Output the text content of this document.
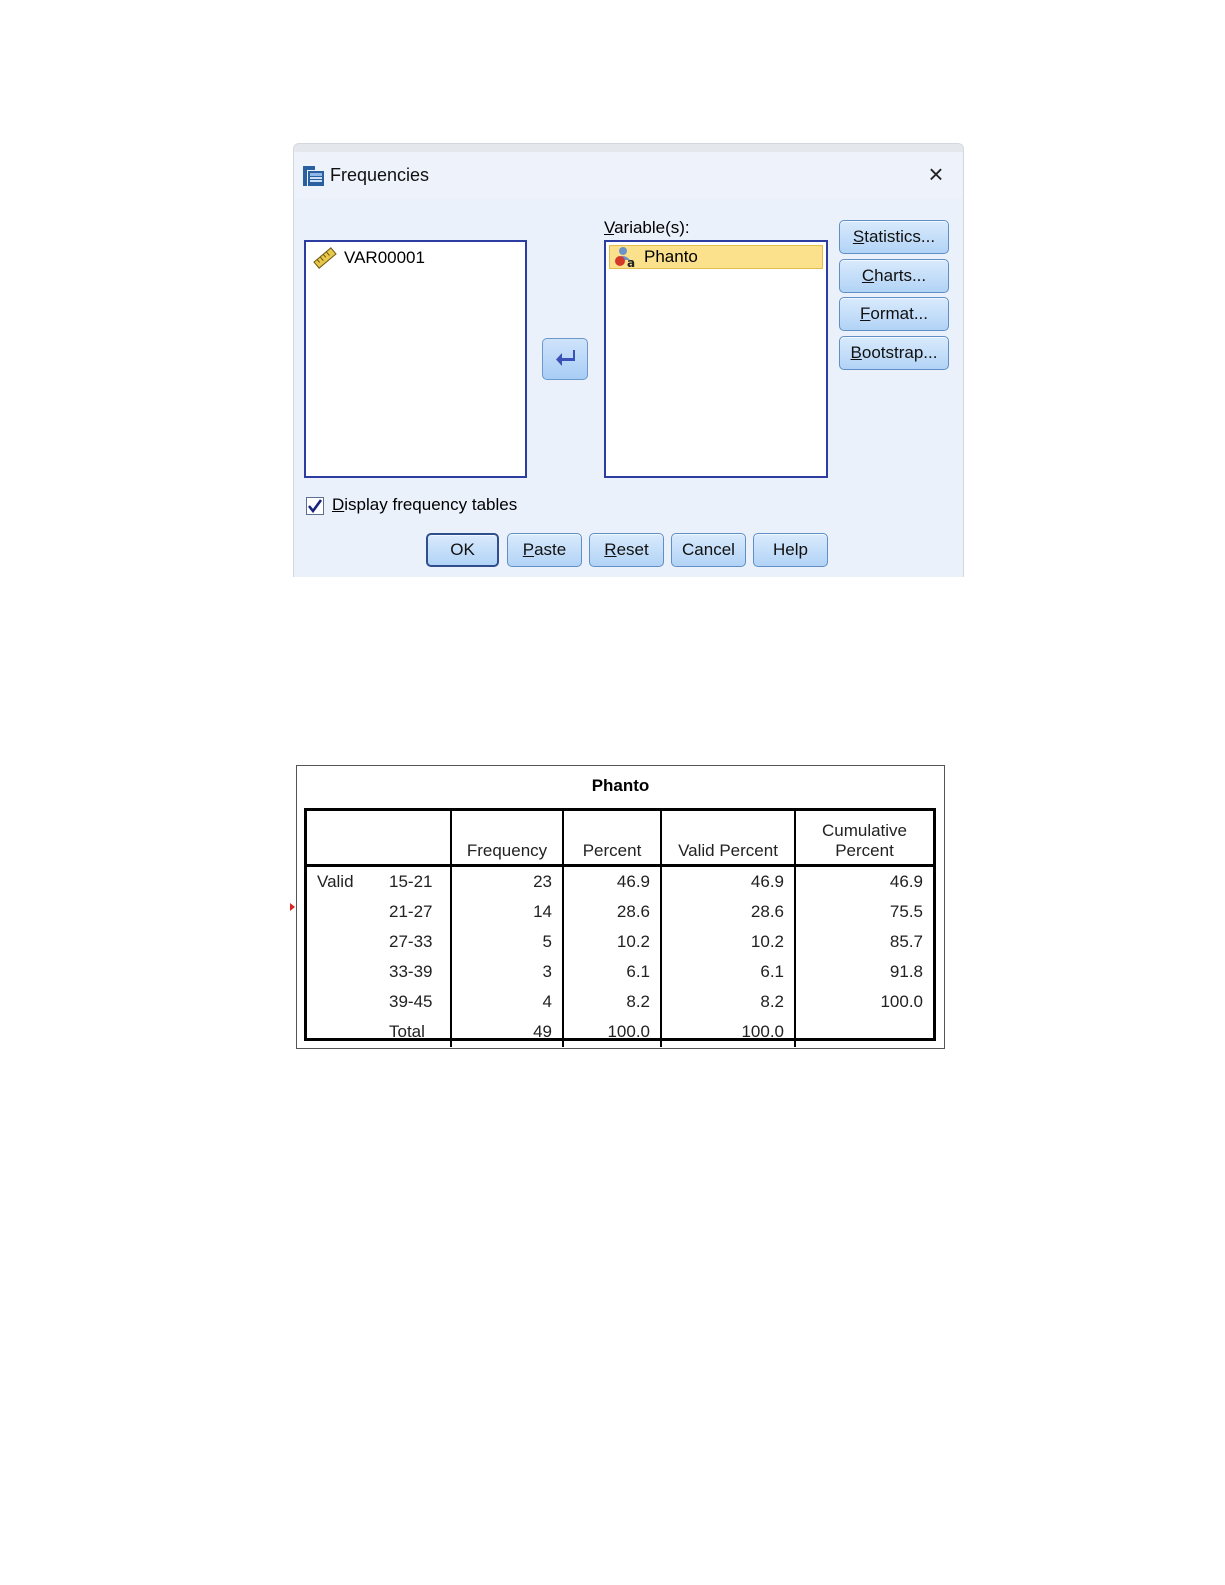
Frequencies	×
VAR00001
Variable(s):
a Phanto
S tatistics...
C harts...
F ormat...
B ootstrap...
Display frequency tables
OK	P aste R eset	Cancel	Help
Phanto
		Frequency	Percent	Valid Percent	Cumulative
Percent
Valid	15-21	23	46.9	46.9	46.9
	21-27	14	28.6	28.6	75.5
	27-33	5	10.2	10.2	85.7
	33-39	3	6.1	6.1	91.8
	39-45	4	8.2	8.2	100.0
	Total	49	100.0	100.0	
